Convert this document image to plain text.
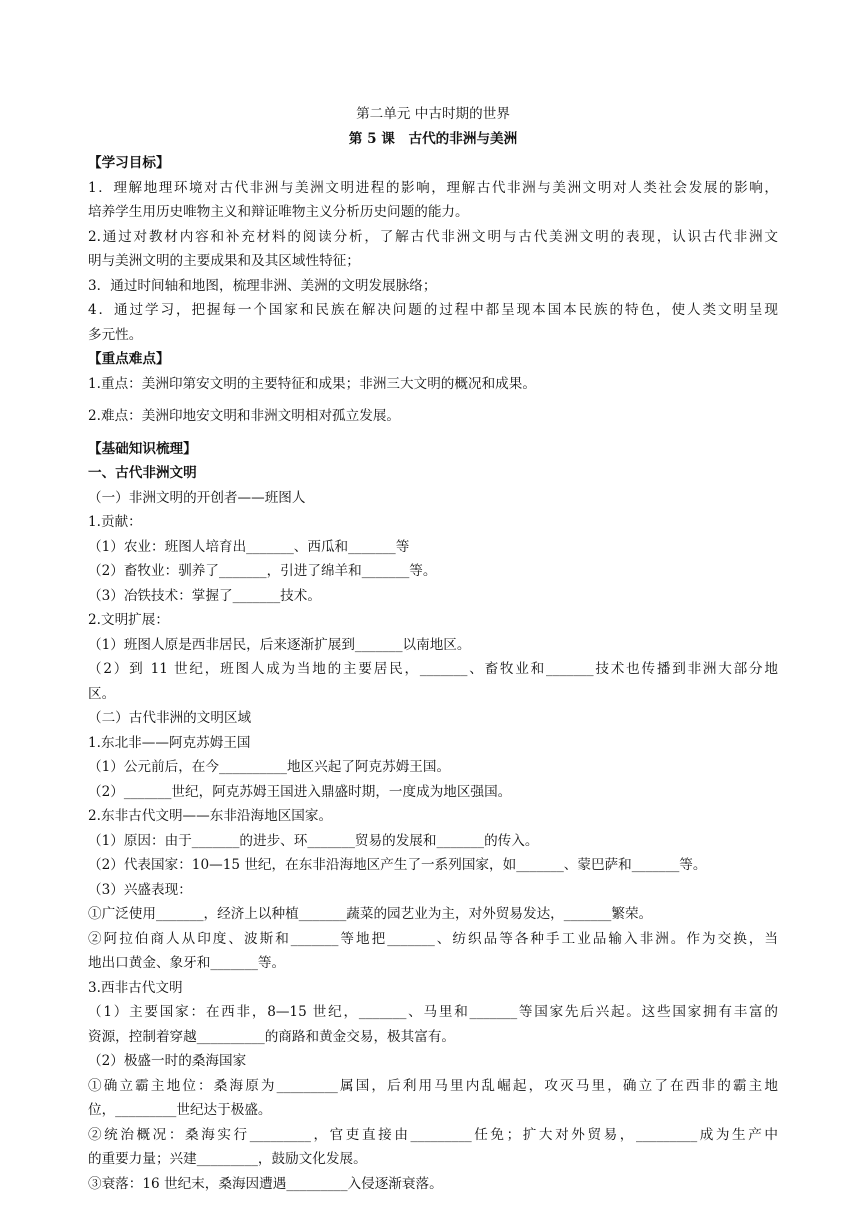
第二单元 中古时期的世界
第 5 课　古代的非洲与美洲
【学习目标】
1．理解地理环境对古代非洲与美洲文明进程的影响，理解古代非洲与美洲文明对人类社会发展的影响，
培养学生用历史唯物主义和辩证唯物主义分析历史问题的能力。
2.通过对教材内容和补充材料的阅读分析，了解古代非洲文明与古代美洲文明的表现，认识古代非洲文
明与美洲文明的主要成果和及其区域性特征；
3．通过时间轴和地图，梳理非洲、美洲的文明发展脉络；
4．通过学习，把握每一个国家和民族在解决问题的过程中都呈现本国本民族的特色，使人类文明呈现
多元性。
【重点难点】
1.重点：美洲印第安文明的主要特征和成果；非洲三大文明的概况和成果。
2.难点：美洲印地安文明和非洲文明相对孤立发展。
【基础知识梳理】
一、古代非洲文明
（一）非洲文明的开创者——班图人
1.贡献：
（1）农业：班图人培育出_______、西瓜和_______等
（2）畜牧业：驯养了_______，引进了绵羊和_______等。
（3）冶铁技术：掌握了_______技术。
2.文明扩展：
（1）班图人原是西非居民，后来逐渐扩展到_______以南地区。
（2）到 11 世纪，班图人成为当地的主要居民，_______、畜牧业和_______技术也传播到非洲大部分地
区。
（二）古代非洲的文明区域
1.东北非——阿克苏姆王国
（1）公元前后，在今__________地区兴起了阿克苏姆王国。
（2）_______世纪，阿克苏姆王国进入鼎盛时期，一度成为地区强国。
2.东非古代文明——东非沿海地区国家。
（1）原因：由于_______的进步、环_______贸易的发展和_______的传入。
（2）代表国家：10—15 世纪，在东非沿海地区产生了一系列国家，如_______、蒙巴萨和_______等。
（3）兴盛表现：
①广泛使用_______，经济上以种植_______蔬菜的园艺业为主，对外贸易发达，_______繁荣。
②阿拉伯商人从印度、波斯和_______等地把_______、纺织品等各种手工业品输入非洲。作为交换，当
地出口黄金、象牙和_______等。
3.西非古代文明
（1）主要国家：在西非，8—15 世纪，_______、马里和_______等国家先后兴起。这些国家拥有丰富的
资源，控制着穿越__________的商路和黄金交易，极其富有。
（2）极盛一时的桑海国家
①确立霸主地位：桑海原为_________属国，后利用马里内乱崛起，攻灭马里，确立了在西非的霸主地
位，_________世纪达于极盛。
②统治概况：桑海实行_________，官吏直接由_________任免；扩大对外贸易，_________成为生产中
的重要力量；兴建_________，鼓励文化发展。
③衰落：16 世纪末，桑海因遭遇_________入侵逐渐衰落。
